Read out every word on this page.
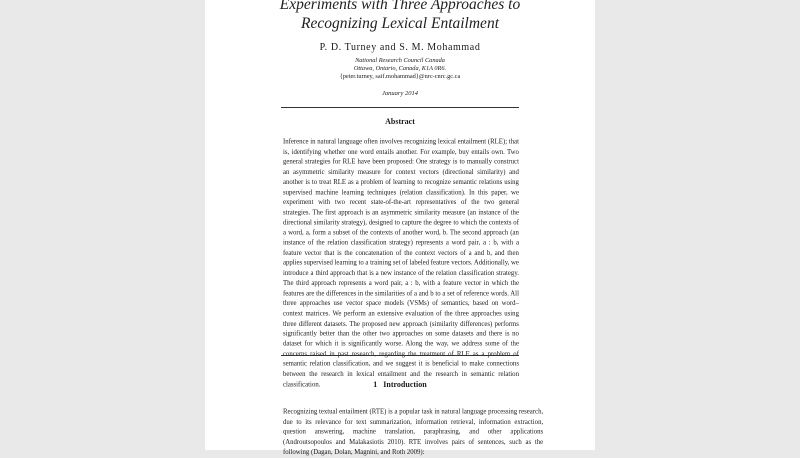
Experiments with Three Approaches to
Recognizing Lexical Entailment
P. D. Turney and S. M. Mohammad
National Research Council Canada
Ottawa, Ontario, Canada, K1A 0R6.
{peter.turney, saif.mohammad}@nrc-cnrc.gc.ca
January 2014
Abstract
Inference in natural language often involves recognizing lexical entailment (RLE); that is, identifying whether one word entails another. For example, buy entails own. Two general strategies for RLE have been proposed: One strategy is to manually construct an asymmetric similarity measure for context vectors (directional similarity) and another is to treat RLE as a problem of learning to recognize semantic relations using supervised machine learning techniques (relation classification). In this paper, we experiment with two recent state-of-the-art representatives of the two general strategies. The first approach is an asymmetric similarity measure (an instance of the directional similarity strategy), designed to capture the degree to which the contexts of a word, a, form a subset of the contexts of another word, b. The second approach (an instance of the relation classification strategy) represents a word pair, a : b, with a feature vector that is the concatenation of the context vectors of a and b, and then applies supervised learning to a training set of labeled feature vectors. Additionally, we introduce a third approach that is a new instance of the relation classification strategy. The third approach represents a word pair, a : b, with a feature vector in which the features are the differences in the similarities of a and b to a set of reference words. All three approaches use vector space models (VSMs) of semantics, based on word–context matrices. We perform an extensive evaluation of the three approaches using three different datasets. The proposed new approach (similarity differences) performs significantly better than the other two approaches on some datasets and there is no dataset for which it is significantly worse. Along the way, we address some of the semantic relation classification, and we suggest it is beneficial to make connections between the research in lexical entailment and the research in semantic relation classification.	1 Introduction
Recognizing textual entailment (RTE) is a popular task in natural language processing research, due to its relevance for text summarization, information retrieval, information extraction, question answering, machine translation, paraphrasing, and other applications (Androutsopoulos and Malakasiotis 2010). RTE involves pairs of sentences, such as the following (Dagan, Dolan, Magnini, and Roth 2009):
